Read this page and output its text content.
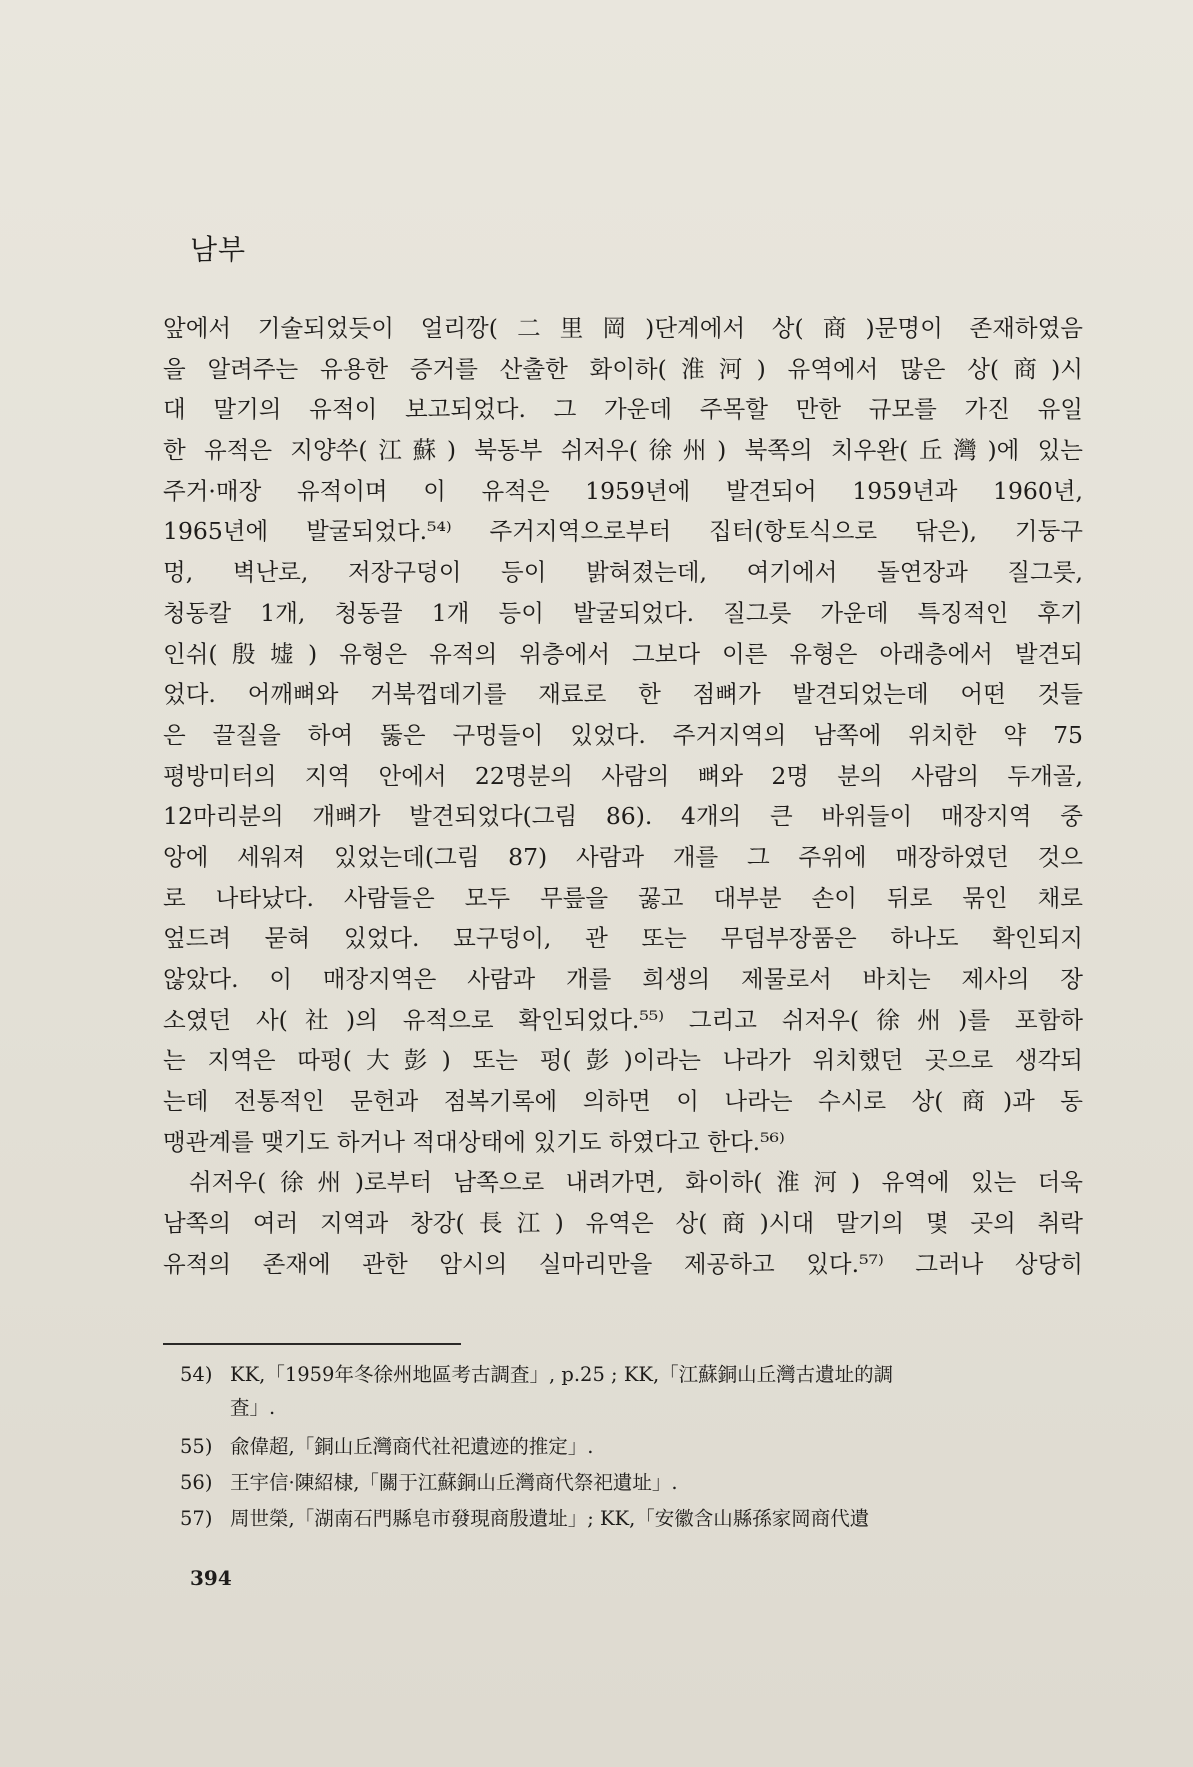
남부
앞에서 기술되었듯이 얼리깡(二里岡)단계에서 상(商)문명이 존재하였음
을 알려주는 유용한 증거를 산출한 화이하(淮河) 유역에서 많은 상(商)시
대 말기의 유적이 보고되었다. 그 가운데 주목할 만한 규모를 가진 유일
한 유적은 지양쑤(江蘇) 북동부 쉬저우(徐州) 북쪽의 치우완(丘灣)에 있는
주거·매장 유적이며 이 유적은 1959년에 발견되어 1959년과 1960년,
1965년에 발굴되었다.⁵⁴⁾ 주거지역으로부터 집터(항토식으로 닦은), 기둥구
멍, 벽난로, 저장구덩이 등이 밝혀졌는데, 여기에서 돌연장과 질그릇,
청동칼 1개, 청동끌 1개 등이 발굴되었다. 질그릇 가운데 특징적인 후기
인쉬(殷墟) 유형은 유적의 위층에서 그보다 이른 유형은 아래층에서 발견되
었다. 어깨뼈와 거북껍데기를 재료로 한 점뼈가 발견되었는데 어떤 것들
은 끌질을 하여 뚫은 구멍들이 있었다. 주거지역의 남쪽에 위치한 약 75
평방미터의 지역 안에서 22명분의 사람의 뼈와 2명 분의 사람의 두개골,
12마리분의 개뼈가 발견되었다(그림 86). 4개의 큰 바위들이 매장지역 중
앙에 세워져 있었는데(그림 87) 사람과 개를 그 주위에 매장하였던 것으
로 나타났다. 사람들은 모두 무릎을 꿇고 대부분 손이 뒤로 묶인 채로
엎드려 묻혀 있었다. 묘구덩이, 관 또는 무덤부장품은 하나도 확인되지
않았다. 이 매장지역은 사람과 개를 희생의 제물로서 바치는 제사의 장
소였던 사(社)의 유적으로 확인되었다.⁵⁵⁾ 그리고 쉬저우(徐州)를 포함하
는 지역은 따펑(大彭) 또는 펑(彭)이라는 나라가 위치했던 곳으로 생각되
는데 전통적인 문헌과 점복기록에 의하면 이 나라는 수시로 상(商)과 동
맹관계를 맺기도 하거나 적대상태에 있기도 하였다고 한다.⁵⁶⁾
쉬저우(徐州)로부터 남쪽으로 내려가면, 화이하(淮河) 유역에 있는 더욱
남쪽의 여러 지역과 창강(長江) 유역은 상(商)시대 말기의 몇 곳의 취락
유적의 존재에 관한 암시의 실마리만을 제공하고 있다.⁵⁷⁾ 그러나 상당히
54) KK,「1959年冬徐州地區考古調査」, p.25 ; KK,「江蘇銅山丘灣古遺址的調
査」.
55) 兪偉超,「銅山丘灣商代社祀遺迹的推定」.
56) 王宇信·陳紹棣,「關于江蘇銅山丘灣商代祭祀遺址」.
57) 周世榮,「湖南石門縣皂市發現商殷遺址」; KK,「安徽含山縣孫家岡商代遺
394
